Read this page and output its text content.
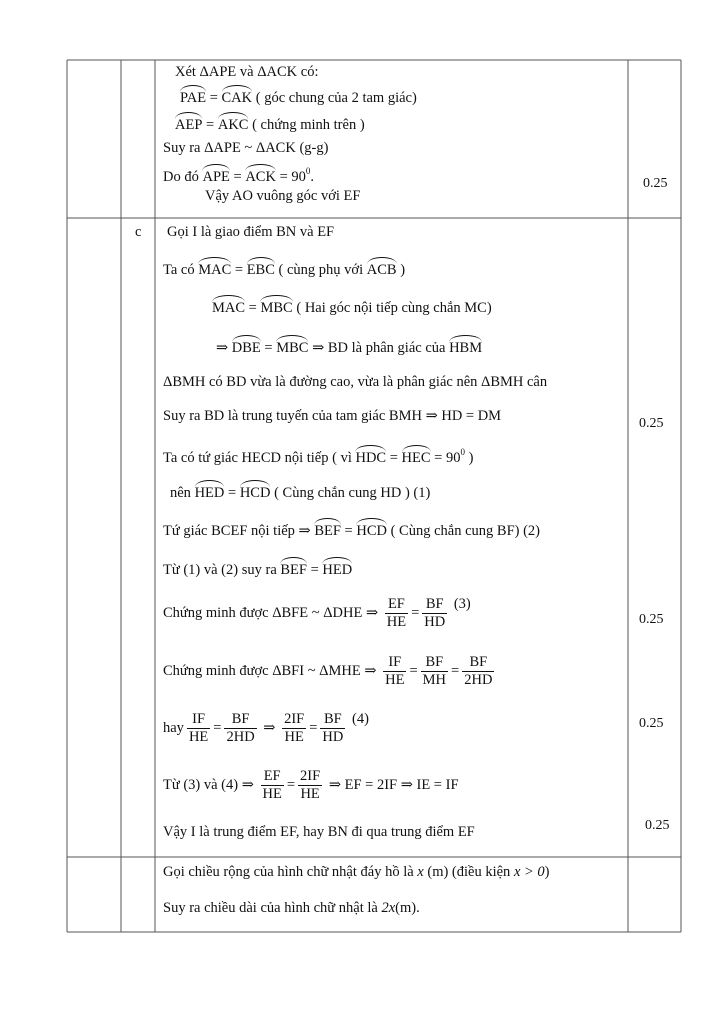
Xét ΔAPE và ΔACK có:
PAE = CAK ( góc chung của 2 tam giác)
AEP = AKC ( chứng minh trên )
Suy ra ΔAPE ~ ΔACK (g-g)
Do đó APE = ACK = $90^0$.
Vậy AO vuông góc với EF
0.25
c Gọi I là giao điểm BN và EF
Ta có MAC = EBC ( cùng phụ với ACB )
MAC = MBC ( Hai góc nội tiếp cùng chắn MC)
⇒ DBE = MBC ⇒ BD là phân giác của HBM
ΔBMH có BD vừa là đường cao, vừa là phân giác nên ΔBMH cân
Suy ra BD là trung tuyến của tam giác BMH ⇒ HD = DM
Ta có tứ giác HECD nội tiếp ( vì HDC = HEC = $90^0$ )
nên HED = HCD ( Cùng chắn cung HD ) (1)
Tứ giác BCEF nội tiếp ⇒ BEF = HCD ( Cùng chắn cung BF) (2)
Từ (1) và (2) suy ra BEF = HED
Chứng minh được ΔBFE ~ ΔDHE ⇒ $\frac{EF}{HE} = \frac{BF}{HD} (3)$
Chứng minh được ΔBFI ~ ΔMHE ⇒ $\frac{IF}{HE} = \frac{BF}{MH} = \frac{BF}{2HD}$
hay $\frac{IF}{HE} = \frac{BF}{2HD}$ ⇒ $\frac{2IF}{HE} = \frac{BF}{HD} (4)$
Từ (3) và (4) ⇒ $\frac{EF}{HE} = \frac{2IF}{HE}$ ⇒ EF = 2IF ⇒ IE = IF
Vậy I là trung điểm EF, hay BN đi qua trung điểm EF
0.25
0.25
0.25
0.25
Gọi chiều rộng của hình chữ nhật đáy hồ là x (m) (điều kiện x > 0)
Suy ra chiều dài của hình chữ nhật là 2x(m).
